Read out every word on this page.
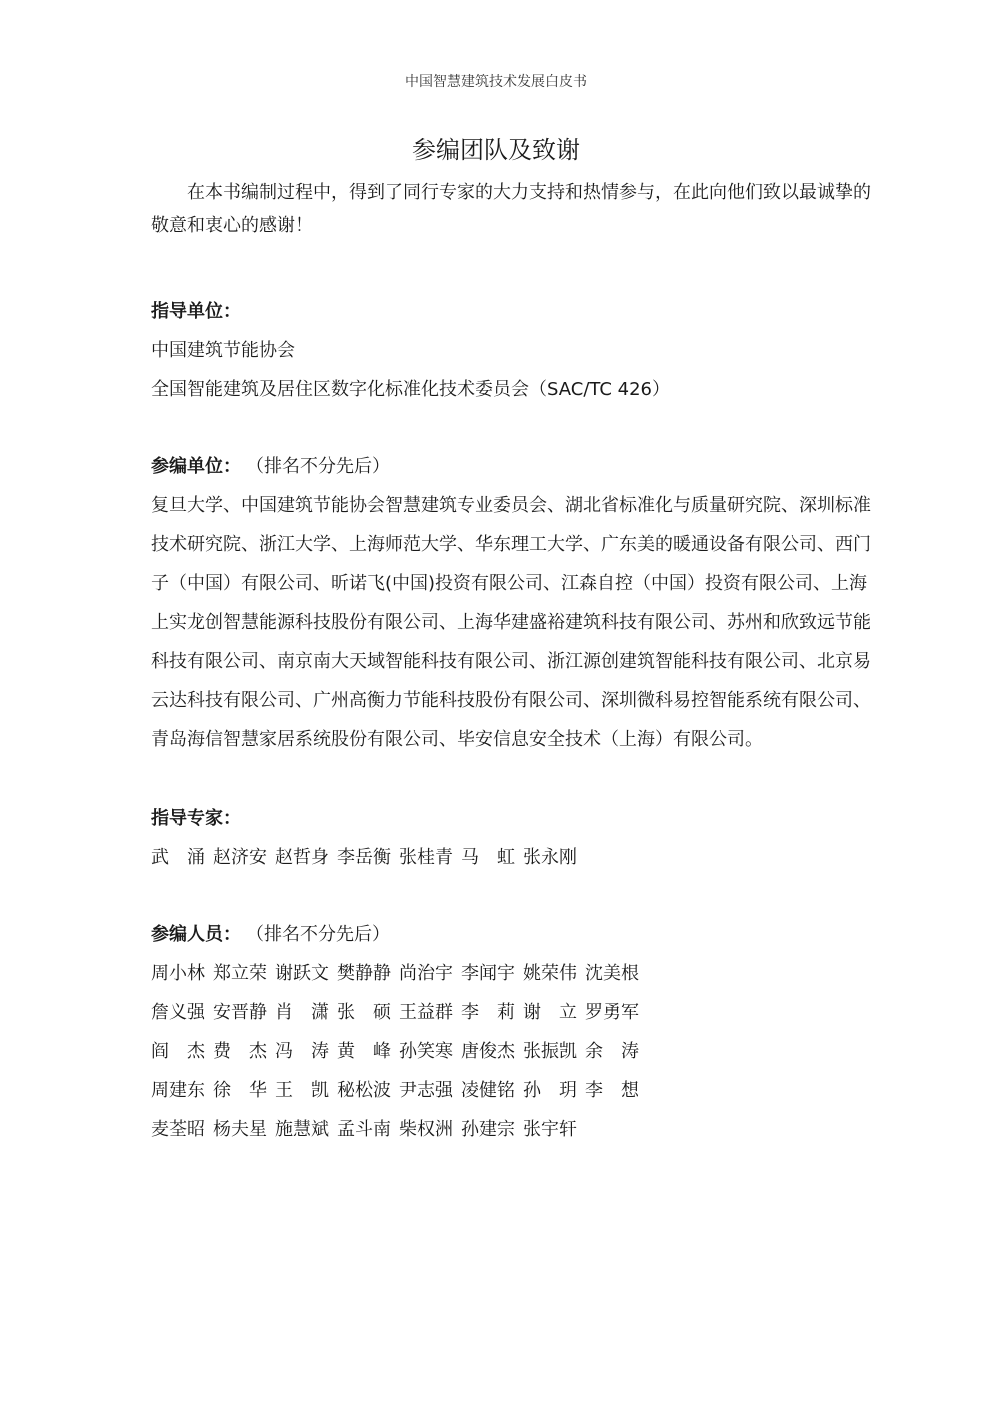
中国智慧建筑技术发展白皮书
参编团队及致谢

在本书编制过程中，得到了同行专家的大力支持和热情参与，在此向他们致以最诚挚的敬意和衷心的感谢！

指导单位：
中国建筑节能协会
全国智能建筑及居住区数字化标准化技术委员会（SAC/TC 426）
参编单位： （排名不分先后）

复旦大学、中国建筑节能协会智慧建筑专业委员会、湖北省标准化与质量研究院、深圳标准技术研究院、浙江大学、上海师范大学、华东理工大学、广东美的暖通设备有限公司、西门子（中国）有限公司、昕诺飞(中国)投资有限公司、江森自控（中国）投资有限公司、上海上实龙创智慧能源科技股份有限公司、上海华建盛裕建筑科技有限公司、苏州和欣致远节能科技有限公司、南京南大天域智能科技有限公司、浙江源创建筑智能科技有限公司、北京易云达科技有限公司、广州高衡力节能科技股份有限公司、深圳微科易控智能系统有限公司、青岛海信智慧家居系统股份有限公司、毕安信息安全技术（上海）有限公司。

指导专家：
武　涌 赵济安 赵哲身 李岳衡 张桂青 马　虹 张永刚
参编人员： （排名不分先后）
周小林 郑立荣 谢跃文 樊静静 尚治宇 李闻宇 姚荣伟 沈美根
詹义强 安晋静 肖　潇 张　硕 王益群 李　莉 谢　立 罗勇军
阎　杰 费　杰 冯　涛 黄　峰 孙笑寒 唐俊杰 张振凯 余　涛
周建东 徐　华 王　凯 秘松波 尹志强 凌健铭 孙　玥 李　想
麦荃昭 杨夫星 施慧斌 孟斗南 柴权洲 孙建宗 张宇轩
